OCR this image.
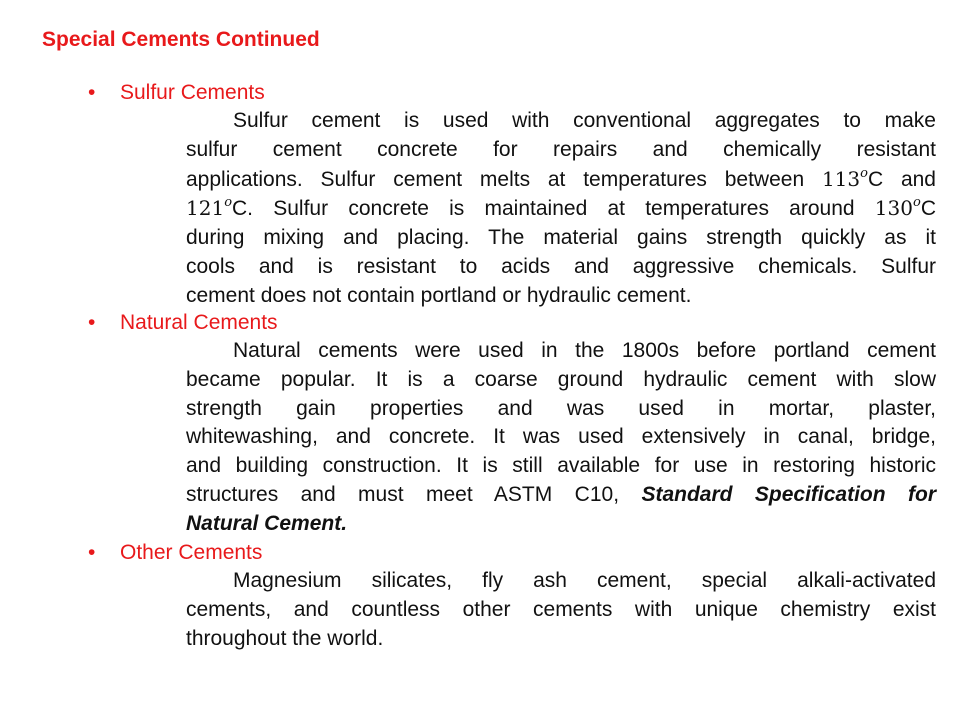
Special Cements Continued
• Sulfur Cements
Sulfur cement is used with conventional aggregates to make
sulfur cement concrete for repairs and chemically resistant
applications. Sulfur cement melts at temperatures between 113$^o$C and
121$^o$C. Sulfur concrete is maintained at temperatures around 130$^o$C
during mixing and placing. The material gains strength quickly as it
cools and is resistant to acids and aggressive chemicals. Sulfur
cement does not contain portland or hydraulic cement.
• Natural Cements
Natural cements were used in the 1800s before portland cement
became popular. It is a coarse ground hydraulic cement with slow
strength gain properties and was used in mortar, plaster,
whitewashing, and concrete. It was used extensively in canal, bridge,
and building construction. It is still available for use in restoring historic
structures and must meet ASTM C10, Standard Specification for
Natural Cement.
• Other Cements
Magnesium silicates, fly ash cement, special alkali-activated
cements, and countless other cements with unique chemistry exist
throughout the world.
